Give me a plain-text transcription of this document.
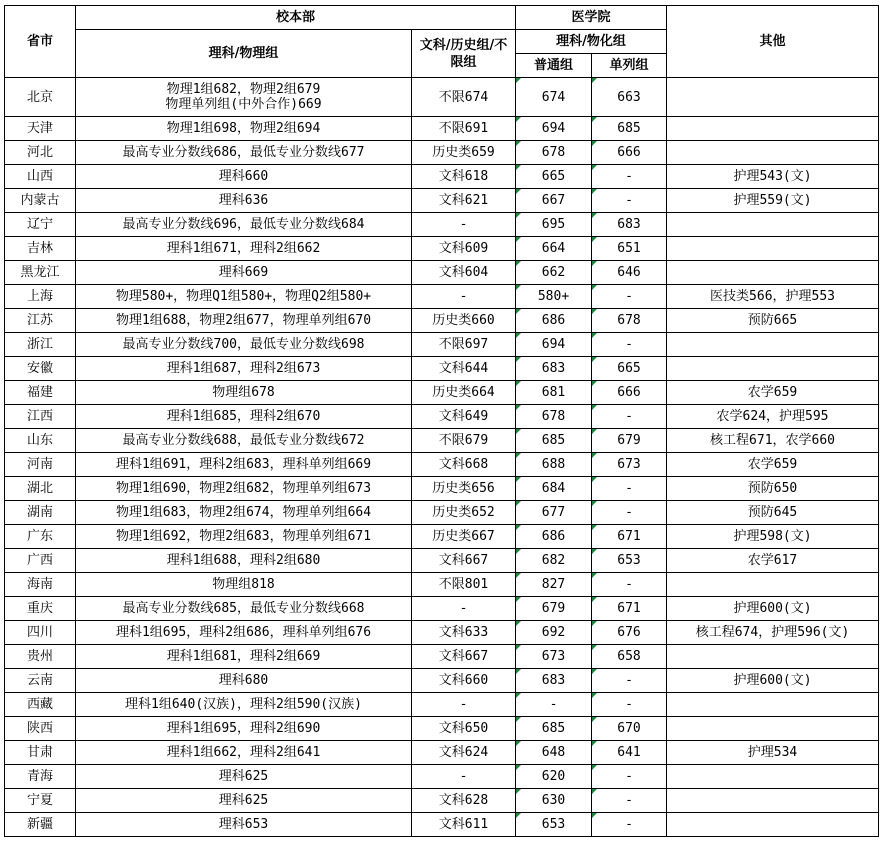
省市	校本部		医学院		其他
	理科/物理组	文科/历史组/不限组	理科/物化组		
			普通组	单列组	
北京	物理1组682，物理2组679
物理单列组(中外合作)669	不限674	674	663	
天津	物理1组698，物理2组694	不限691	694	685	
河北	最高专业分数线686，最低专业分数线677	历史类659	678	666	
山西	理科660	文科618	665	-	护理543(文)
内蒙古	理科636	文科621	667	-	护理559(文)
辽宁	最高专业分数线696，最低专业分数线684	-	695	683	
吉林	理科1组671，理科2组662	文科609	664	651	
黑龙江	理科669	文科604	662	646	
上海	物理580+，物理Q1组580+，物理Q2组580+	-	580+	-	医技类566，护理553
江苏	物理1组688，物理2组677，物理单列组670	历史类660	686	678	预防665
浙江	最高专业分数线700，最低专业分数线698	不限697	694	-	
安徽	理科1组687，理科2组673	文科644	683	665	
福建	物理组678	历史类664	681	666	农学659
江西	理科1组685，理科2组670	文科649	678	-	农学624，护理595
山东	最高专业分数线688，最低专业分数线672	不限679	685	679	核工程671，农学660
河南	理科1组691，理科2组683，理科单列组669	文科668	688	673	农学659
湖北	物理1组690，物理2组682，物理单列组673	历史类656	684	-	预防650
湖南	物理1组683，物理2组674，物理单列组664	历史类652	677	-	预防645
广东	物理1组692，物理2组683，物理单列组671	历史类667	686	671	护理598(文)
广西	理科1组688，理科2组680	文科667	682	653	农学617
海南	物理组818	不限801	827	-	
重庆	最高专业分数线685，最低专业分数线668	-	679	671	护理600(文)
四川	理科1组695，理科2组686，理科单列组676	文科633	692	676	核工程674，护理596(文)
贵州	理科1组681，理科2组669	文科667	673	658	
云南	理科680	文科660	683	-	护理600(文)
西藏	理科1组640(汉族)，理科2组590(汉族)	-	-	-	
陕西	理科1组695，理科2组690	文科650	685	670	
甘肃	理科1组662，理科2组641	文科624	648	641	护理534
青海	理科625	-	620	-	
宁夏	理科625	文科628	630	-	
新疆	理科653	文科611	653	-	
